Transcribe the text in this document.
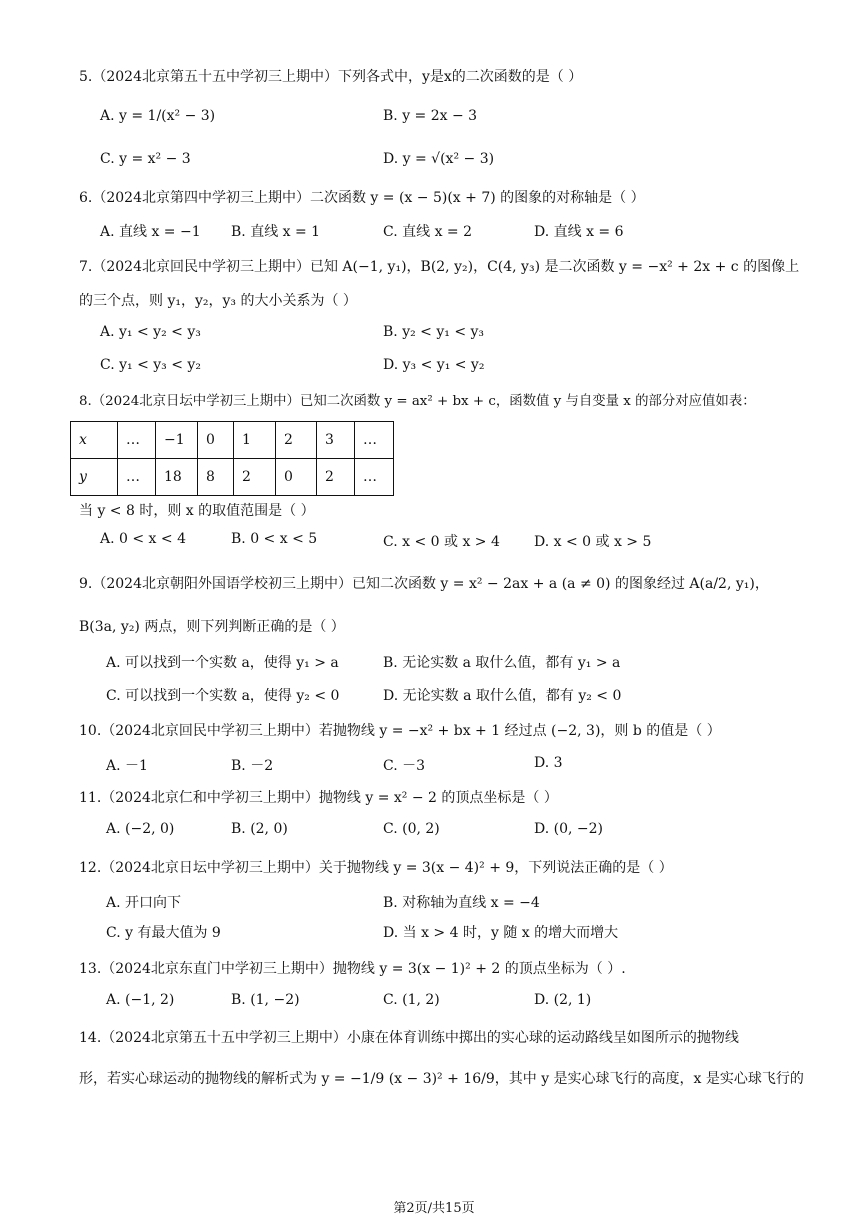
5.（2024北京第五十五中学初三上期中）下列各式中，y是x的二次函数的是（ ）
A. y = 1/(x² − 3)	B. y = 2x − 3
C. y = x² − 3	D. y = √(x² − 3)
6.（2024北京第四中学初三上期中）二次函数 y = (x − 5)(x + 7) 的图象的对称轴是（ ）
A. 直线 x = −1 B. 直线 x = 1	C. 直线 x = 2	D. 直线 x = 6
7.（2024北京回民中学初三上期中）已知 A(−1, y₁)，B(2, y₂)，C(4, y₃) 是二次函数 y = −x² + 2x + c 的图像上
的三个点，则 y₁，y₂，y₃ 的大小关系为（ ）
A. y₁ < y₂ < y₃	B. y₂ < y₁ < y₃
C. y₁ < y₃ < y₂	D. y₃ < y₁ < y₂
8.（2024北京日坛中学初三上期中）已知二次函数 y = ax² + bx + c，函数值 y 与自变量 x 的部分对应值如表：
x	…	−1	0	1	2	3	…
y	…	18	8	2	0	2	…
当 y < 8 时，则 x 的取值范围是（ ）
A. 0 < x < 4	B. 0 < x < 5	C. x < 0 或 x > 4 D. x < 0 或 x > 5
9.（2024北京朝阳外国语学校初三上期中）已知二次函数 y = x² − 2ax + a (a ≠ 0) 的图象经过 A(a/2, y₁)，
B(3a, y₂) 两点，则下列判断正确的是（ ）
A. 可以找到一个实数 a，使得 y₁ > a	B. 无论实数 a 取什么值，都有 y₁ > a
C. 可以找到一个实数 a，使得 y₂ < 0	D. 无论实数 a 取什么值，都有 y₂ < 0
10.（2024北京回民中学初三上期中）若抛物线 y = −x² + bx + 1 经过点 (−2, 3)，则 b 的值是（ ）
A. －1	B. －2	C. －3	D. 3
11.（2024北京仁和中学初三上期中）抛物线 y = x² − 2 的顶点坐标是（ ）
A. (−2, 0)	B. (2, 0)	C. (0, 2)	D. (0, −2)
12.（2024北京日坛中学初三上期中）关于抛物线 y = 3(x − 4)² + 9，下列说法正确的是（ ）
A. 开口向下	B. 对称轴为直线 x = −4
C. y 有最大值为 9	D. 当 x > 4 时，y 随 x 的增大而增大
13.（2024北京东直门中学初三上期中）抛物线 y = 3(x − 1)² + 2 的顶点坐标为（ ）.
A. (−1, 2)	B. (1, −2)	C. (1, 2)	D. (2, 1)
14.（2024北京第五十五中学初三上期中）小康在体育训练中掷出的实心球的运动路线呈如图所示的抛物线
形，若实心球运动的抛物线的解析式为 y = −1/9 (x − 3)² + 16/9，其中 y 是实心球飞行的高度，x 是实心球飞行的
第2页/共15页
